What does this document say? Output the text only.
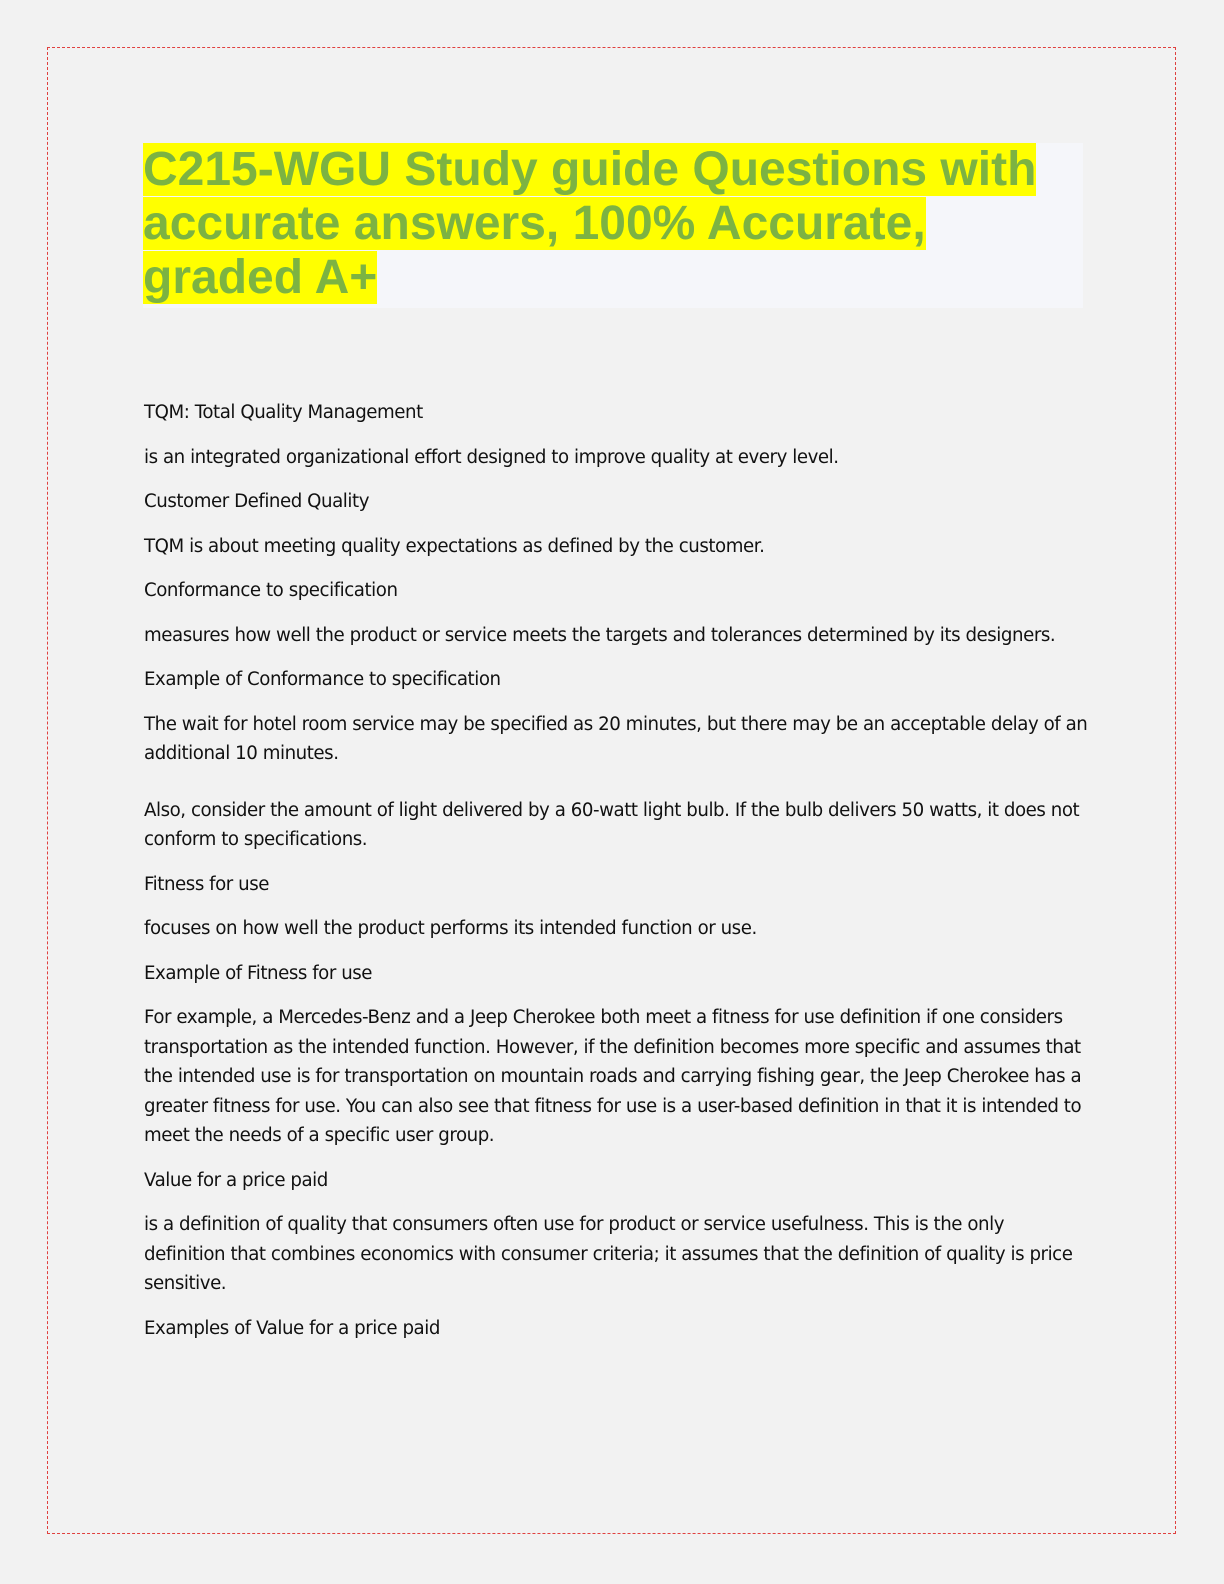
C215-WGU Study guide Questions with
accurate answers, 100% Accurate,
graded A+

TQM: Total Quality Management

is an integrated organizational effort designed to improve quality at every level.

Customer Defined Quality

TQM is about meeting quality expectations as defined by the customer.

Conformance to specification

measures how well the product or service meets the targets and tolerances determined by its designers.

Example of Conformance to specification

The wait for hotel room service may be specified as 20 minutes, but there may be an acceptable delay of an additional 10 minutes.

Also, consider the amount of light delivered by a 60-watt light bulb. If the bulb delivers 50 watts, it does not conform to specifications.

Fitness for use

focuses on how well the product performs its intended function or use.

Example of Fitness for use

For example, a Mercedes-Benz and a Jeep Cherokee both meet a fitness for use definition if one considers transportation as the intended function. However, if the definition becomes more specific and assumes that the intended use is for transportation on mountain roads and carrying fishing gear, the Jeep Cherokee has a greater fitness for use. You can also see that fitness for use is a user-based definition in that it is intended to meet the needs of a specific user group.

Value for a price paid

is a definition of quality that consumers often use for product or service usefulness. This is the only definition that combines economics with consumer criteria; it assumes that the definition of quality is price sensitive.

Examples of Value for a price paid
